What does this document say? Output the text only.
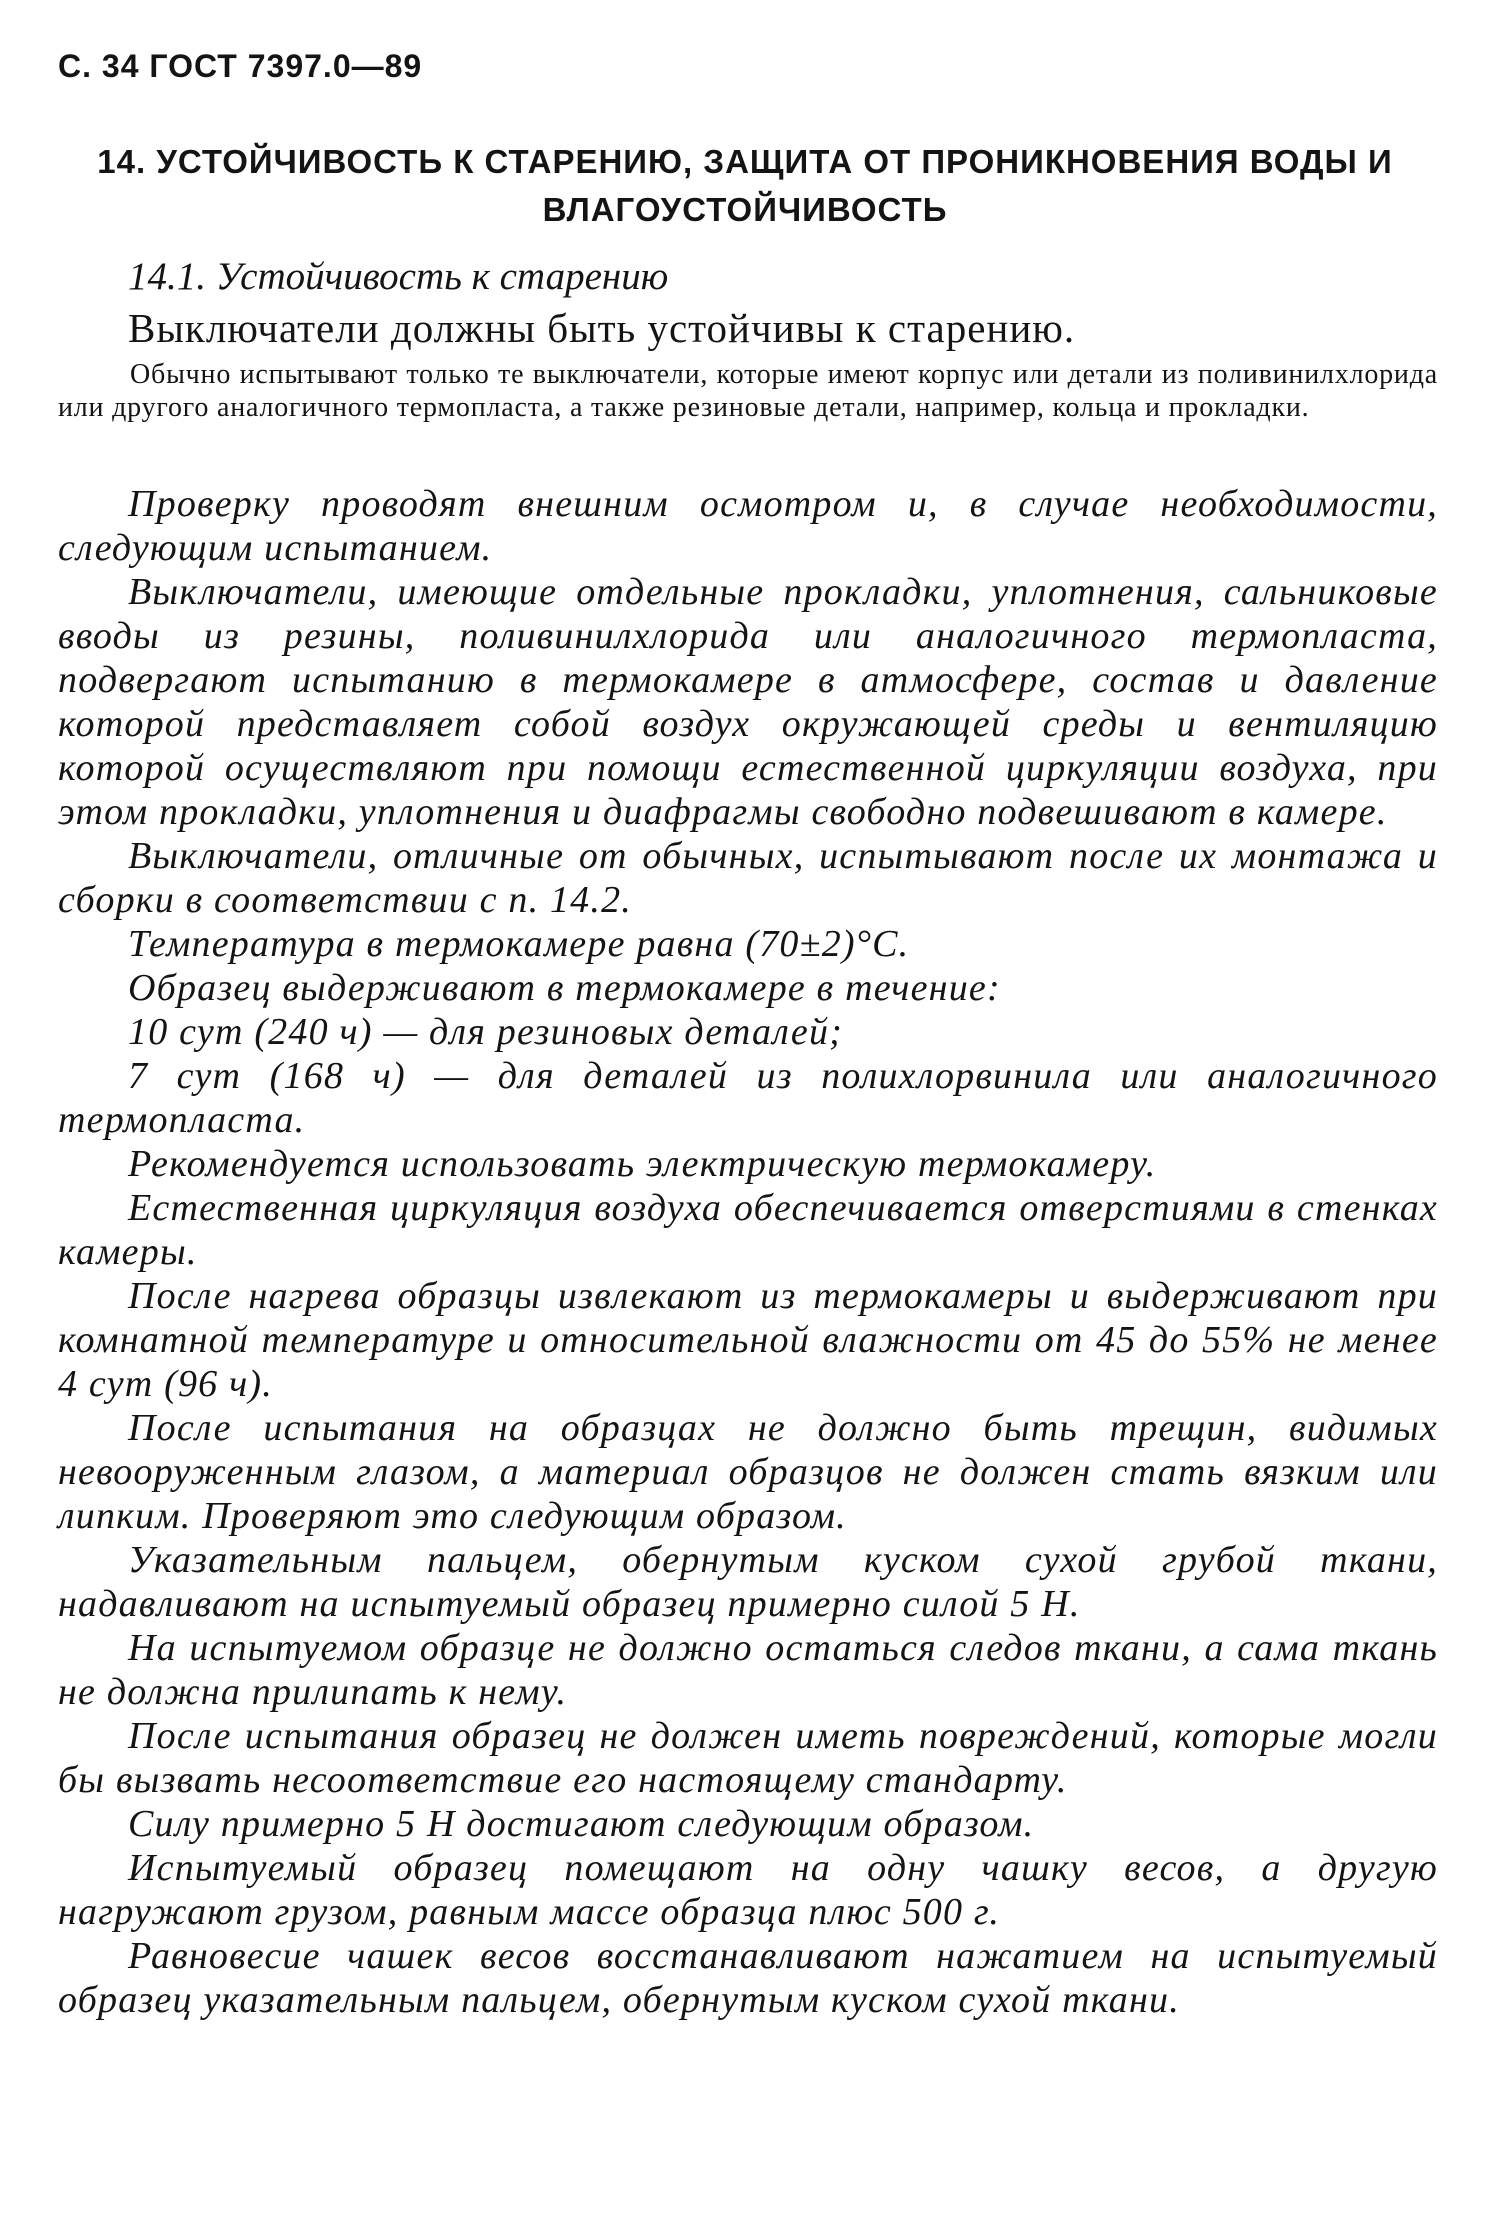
С. 34 ГОСТ 7397.0—89
14. УСТОЙЧИВОСТЬ К СТАРЕНИЮ, ЗАЩИТА ОТ ПРОНИКНОВЕНИЯ ВОДЫ И ВЛАГОУСТОЙЧИВОСТЬ
14.1. Устойчивость к старению
Выключатели должны быть устойчивы к старению.
Обычно испытывают только те выключатели, которые имеют корпус или детали из поливинилхлорида или другого аналогичного термопласта, а также резиновые детали, например, кольца и прокладки.

Проверку проводят внешним осмотром и, в случае необходимости, следующим испытанием.

Выключатели, имеющие отдельные прокладки, уплотнения, сальниковые вводы из резины, поливинилхлорида или аналогичного термопласта, подвергают испытанию в термокамере в атмосфере, состав и давление которой представляет собой воздух окружающей среды и вентиляцию которой осуществляют при помощи естественной циркуляции воздуха, при этом прокладки, уплотнения и диафрагмы свободно подвешивают в камере.

Выключатели, отличные от обычных, испытывают после их монтажа и сборки в соответствии с п. 14.2.

Температура в термокамере равна (70±2)°С.

Образец выдерживают в термокамере в течение:

10 сут (240 ч) — для резиновых деталей;

7 сут (168 ч) — для деталей из полихлорвинила или аналогичного термопласта.

Рекомендуется использовать электрическую термокамеру.

Естественная циркуляция воздуха обеспечивается отверстиями в стенках камеры.

После нагрева образцы извлекают из термокамеры и выдерживают при комнатной температуре и относительной влажности от 45 до 55% не менее 4 сут (96 ч).

После испытания на образцах не должно быть трещин, видимых невооруженным глазом, а материал образцов не должен стать вязким или липким. Проверяют это следующим образом.

Указательным пальцем, обернутым куском сухой грубой ткани, надавливают на испытуемый образец примерно силой 5 Н.

На испытуемом образце не должно остаться следов ткани, а сама ткань не должна прилипать к нему.

После испытания образец не должен иметь повреждений, которые могли бы вызвать несоответствие его настоящему стандарту.

Силу примерно 5 Н достигают следующим образом.

Испытуемый образец помещают на одну чашку весов, а другую нагружают грузом, равным массе образца плюс 500 г.

Равновесие чашек весов восстанавливают нажатием на испытуемый образец указательным пальцем, обернутым куском сухой ткани.
